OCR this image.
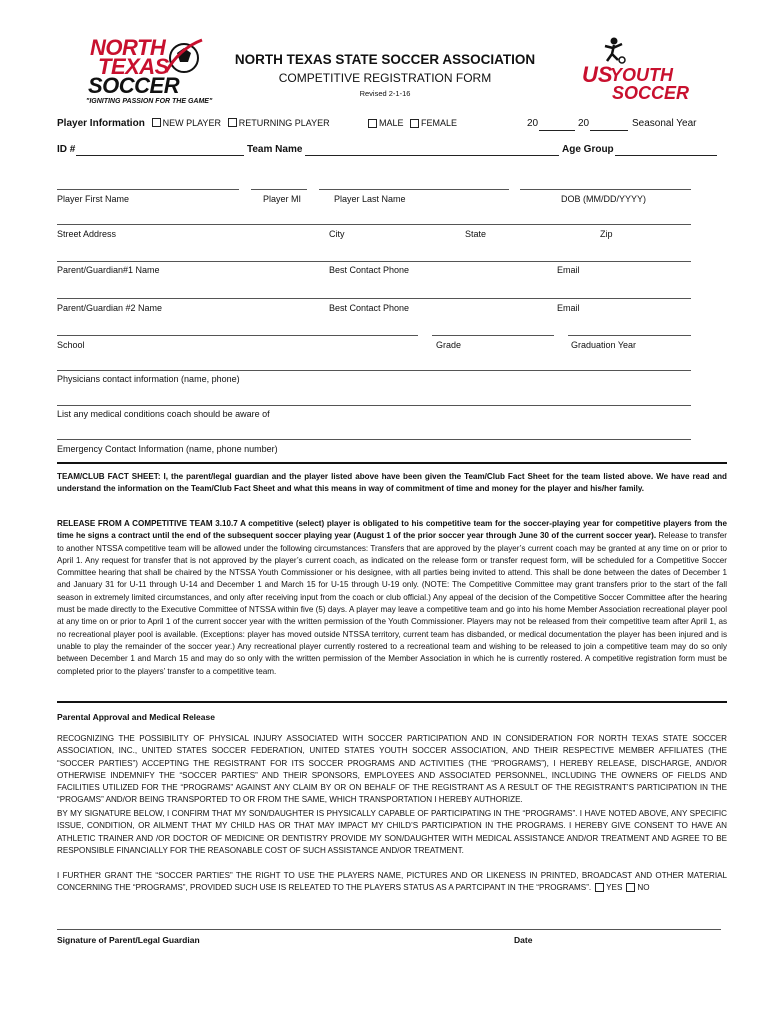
NORTH
TEXAS
SOCCER
"IGNITING PASSION FOR THE GAME"
US
YOUTH
SOCCER
NORTH TEXAS STATE SOCCER ASSOCIATION
COMPETITIVE REGISTRATION FORM
Revised 2-1-16
Player Information NEW PLAYER RETURNING PLAYER	MALE FEMALE	20	20	Seasonal Year
ID #	Team Name	Age Group
Player First Name	Player MI	Player Last Name	DOB (MM/DD/YYYY)
Street Address	City	State	Zip
Parent/Guardian#1 Name	Best Contact Phone	Email
Parent/Guardian #2 Name	Best Contact Phone	Email
School	Grade	Graduation Year
Physicians contact information (name, phone)
List any medical conditions coach should be aware of
Emergency Contact Information (name, phone number)
TEAM/CLUB FACT SHEET: I, the parent/legal guardian and the player listed above have been given the Team/Club Fact Sheet for the team listed above. We have read and understand the information on the Team/Club Fact Sheet and what this means in way of commitment of time and money for the player and his/her family.
RELEASE FROM A COMPETITIVE TEAM 3.10.7 A competitive (select) player is obligated to his competitive team for the soccer-playing year for competitive players from the time he signs a contract until the end of the subsequent soccer playing year (August 1 of the prior soccer year through June 30 of the current soccer year). Release to transfer to another NTSSA competitive team will be allowed under the following circumstances: Transfers that are approved by the player’s current coach may be granted at any time on or prior to April 1. Any request for transfer that is not approved by the player’s current coach, as indicated on the release form or transfer request form, will be scheduled for a Competitive Soccer Committee hearing that shall be chaired by the NTSSA Youth Commissioner or his designee, with all parties being invited to attend. This shall be done between the dates of December 1 and January 31 for U-11 through U-14 and December 1 and March 15 for U-15 through U-19 only. (NOTE: The Competitive Committee may grant transfers prior to the start of the fall season in extremely limited circumstances, and only after receiving input from the coach or club official.) Any appeal of the decision of the Competitive Soccer Committee after the hearing must be made directly to the Executive Committee of NTSSA within five (5) days. A player may leave a competitive team and go into his home Member Association recreational player pool at any time on or prior to April 1 of the current soccer year with the written permission of the Youth Commissioner. Players may not be released from their competitive team after April 1, as no recreational player pool is available. (Exceptions: player has moved outside NTSSA territory, current team has disbanded, or medical documentation the player has been injured and is unable to play the remainder of the soccer year.) Any recreational player currently rostered to a recreational team and wishing to be released to join a competitive team may do so only between December 1 and March 15 and may do so only with the written permission of the Member Association in which he is currently rostered. A competitive registration form must be completed prior to the players’ transfer to a competitive team.
Parental Approval and Medical Release
RECOGNIZING THE POSSIBILITY OF PHYSICAL INJURY ASSOCIATED WITH SOCCER PARTICIPATION AND IN CONSIDERATION FOR NORTH TEXAS STATE SOCCER ASSOCIATION, INC., UNITED STATES SOCCER FEDERATION, UNITED STATES YOUTH SOCCER ASSOCIATION, AND THEIR RESPECTIVE MEMBER AFFILIATES (THE “SOCCER PARTIES”) ACCEPTING THE REGISTRANT FOR ITS SOCCER PROGRAMS AND ACTIVITIES (THE “PROGRAMS”), I HEREBY RELEASE, DISCHARGE, AND/OR OTHERWISE INDEMNIFY THE “SOCCER PARTIES” AND THEIR SPONSORS, EMPLOYEES AND ASSOCIATED PERSONNEL, INCLUDING THE OWNERS OF FIELDS AND FACILITIES UTILIZED FOR THE “PROGRAMS” AGAINST ANY CLAIM BY OR ON BEHALF OF THE REGISTRANT AS A RESULT OF THE REGISTRANT’S PARTICIPATION IN THE “PROGAMS” AND/OR BEING TRANSPORTED TO OR FROM THE SAME, WHICH TRANSPORTATION I HEREBY AUTHORIZE.
BY MY SIGNATURE BELOW, I CONFIRM THAT MY SON/DAUGHTER IS PHYSICALLY CAPABLE OF PARTICIPATING IN THE “PROGRAMS”. I HAVE NOTED ABOVE, ANY SPECIFIC ISSUE, CONDITION, OR AILMENT THAT MY CHILD HAS OR THAT MAY IMPACT MY CHILD’S PARTICIPATION IN THE PROGRAMS. I HEREBY GIVE CONSENT TO HAVE AN ATHLETIC TRAINER AND /OR DOCTOR OF MEDICINE OR DENTISTRY PROVIDE MY SON/DAUGHTER WITH MEDICAL ASSISTANCE AND/OR TREATMENT AND AGREE TO BE RESPONSIBLE FINANCIALLY FOR THE REASONABLE COST OF SUCH ASSISTANCE AND/OR TREATMENT.
I FURTHER GRANT THE “SOCCER PARTIES” THE RIGHT TO USE THE PLAYERS NAME, PICTURES AND OR LIKENESS IN PRINTED, BROADCAST AND OTHER MATERIAL CONCERNING THE “PROGRAMS”, PROVIDED SUCH USE IS RELEATED TO THE PLAYERS STATUS AS A PARTCIPANT IN THE “PROGRAMS”. YES NO
Signature of Parent/Legal Guardian	Date
